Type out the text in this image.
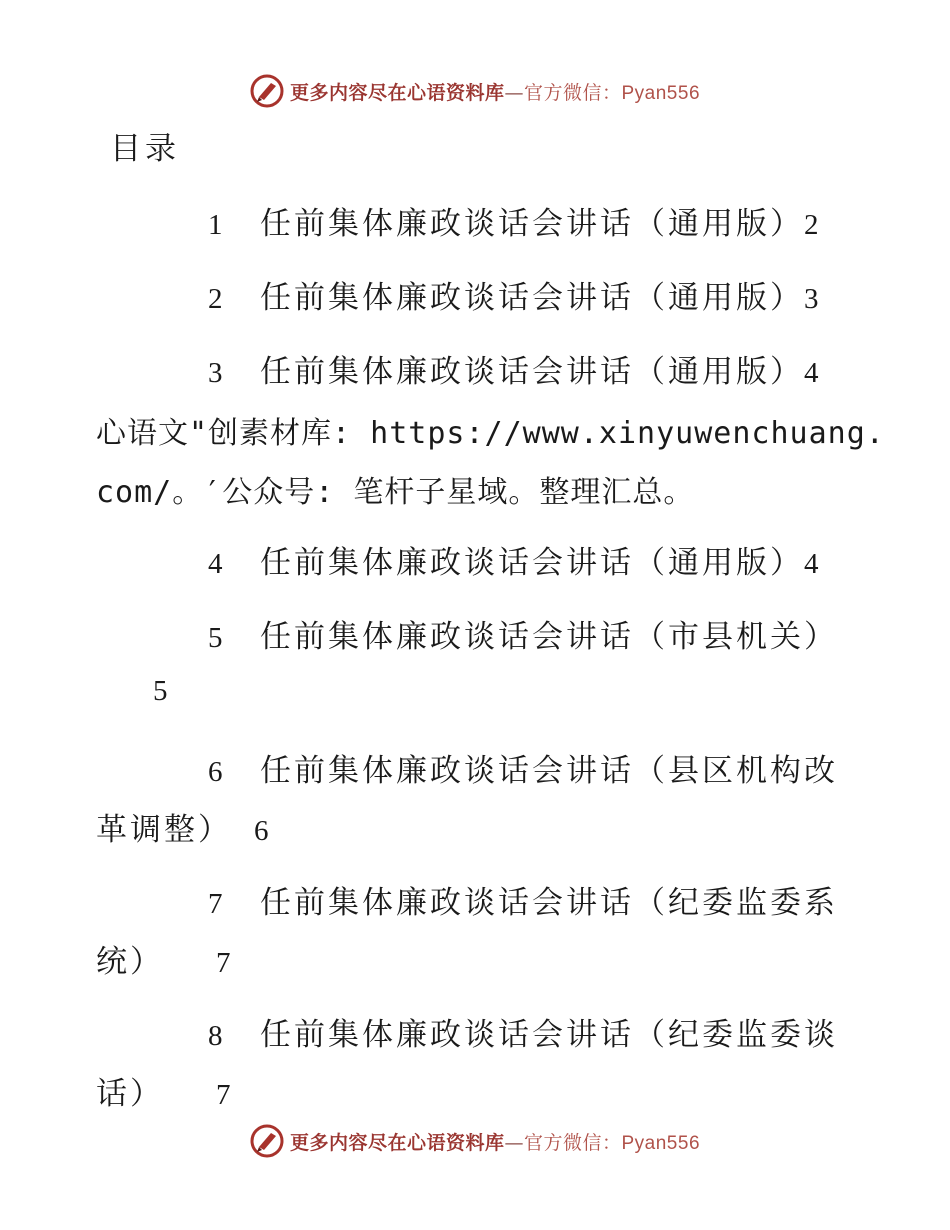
更多内容尽在心语资料库—官方微信：Pyan556
目录
1 任前集体廉政谈话会讲话（通用版）2
2 任前集体廉政谈话会讲话（通用版）3
3 任前集体廉政谈话会讲话（通用版）4
心语文"创素材库: https://www.xinyuwenchuang.
com/。′公众号: 笔杆子星域。整理汇总。
4 任前集体廉政谈话会讲话（通用版）4
5 任前集体廉政谈话会讲话（市县机关）
5
6 任前集体廉政谈话会讲话（县区机构改
革调整） 6
7 任前集体廉政谈话会讲话（纪委监委系
统） 7
8 任前集体廉政谈话会讲话（纪委监委谈
话） 7
更多内容尽在心语资料库—官方微信：Pyan556
